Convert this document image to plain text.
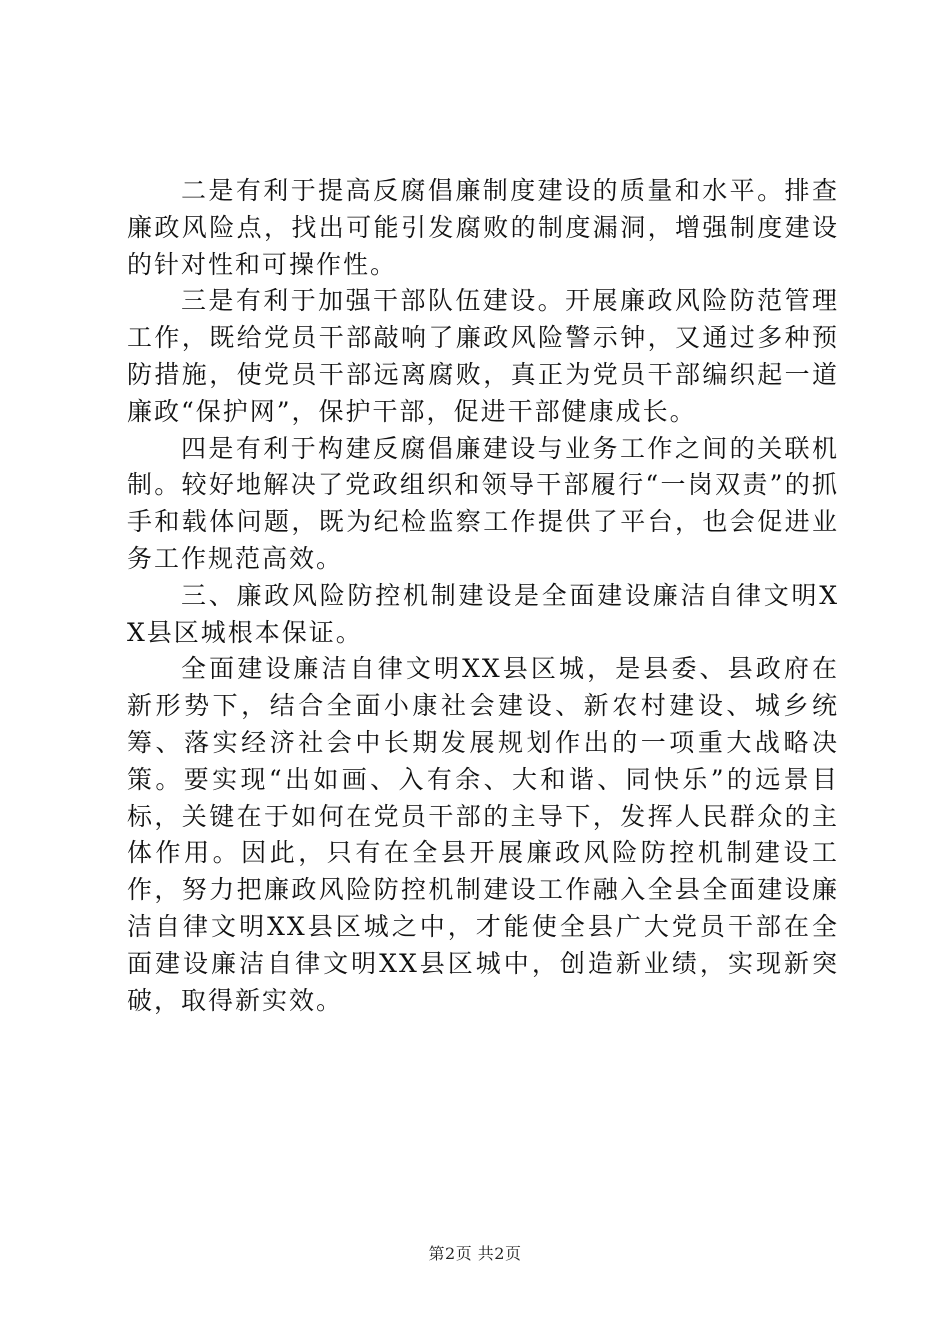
二是有利于提高反腐倡廉制度建设的质量和水平。排查廉政风险点，找出可能引发腐败的制度漏洞，增强制度建设的针对性和可操作性。

三是有利于加强干部队伍建设。开展廉政风险防范管理工作，既给党员干部敲响了廉政风险警示钟，又通过多种预防措施，使党员干部远离腐败，真正为党员干部编织起一道廉政“保护网”，保护干部，促进干部健康成长。

四是有利于构建反腐倡廉建设与业务工作之间的关联机制。较好地解决了党政组织和领导干部履行“一岗双责”的抓手和载体问题，既为纪检监察工作提供了平台，也会促进业务工作规范高效。

三、廉政风险防控机制建设是全面建设廉洁自律文明XX县区城根本保证。

全面建设廉洁自律文明XX县区城，是县委、县政府在新形势下，结合全面小康社会建设、新农村建设、城乡统筹、落实经济社会中长期发展规划作出的一项重大战略决策。要实现“出如画、入有余、大和谐、同快乐”的远景目标，关键在于如何在党员干部的主导下，发挥人民群众的主体作用。因此，只有在全县开展廉政风险防控机制建设工作，努力把廉政风险防控机制建设工作融入全县全面建设廉洁自律文明XX县区城之中，才能使全县广大党员干部在全面建设廉洁自律文明XX县区城中，创造新业绩，实现新突破，取得新实效。

第2页 共2页
